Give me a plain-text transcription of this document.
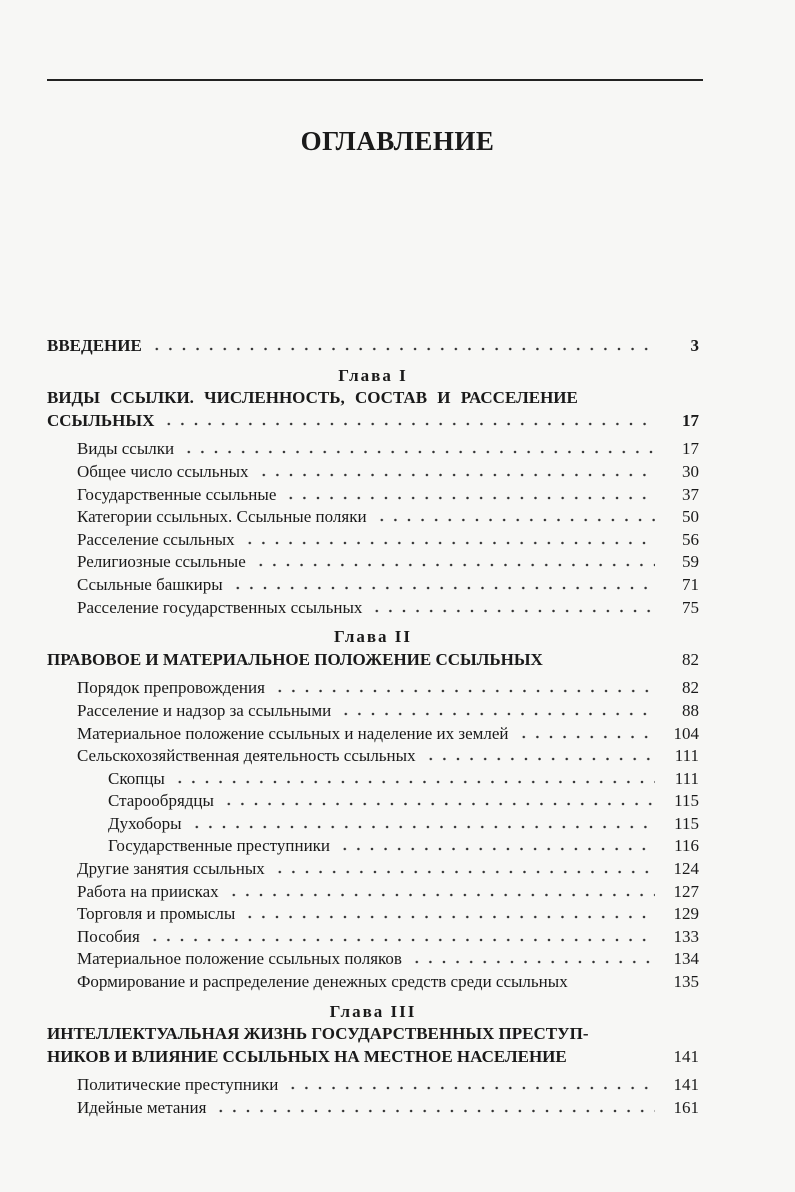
ОГЛАВЛЕНИЕ
ВВЕДЕНИЕ	3
Глава I
ВИДЫ ССЫЛКИ. ЧИСЛЕННОСТЬ, СОСТАВ И РАССЕЛЕНИЕ
ССЫЛЬНЫХ	17
Виды ссылки	17
Общее число ссыльных	30
Государственные ссыльные	37
Категории ссыльных. Ссыльные поляки	50
Расселение ссыльных	56
Религиозные ссыльные	59
Ссыльные башкиры	71
Расселение государственных ссыльных	75
Глава II
ПРАВОВОЕ И МАТЕРИАЛЬНОЕ ПОЛОЖЕНИЕ ССЫЛЬНЫХ	82
Порядок препровождения	82
Расселение и надзор за ссыльными	88
Материальное положение ссыльных и наделение их землей	104
Сельскохозяйственная деятельность ссыльных	111
Скопцы	111
Старообрядцы	115
Духоборы	115
Государственные преступники	116
Другие занятия ссыльных	124
Работа на приисках	127
Торговля и промыслы	129
Пособия	133
Материальное положение ссыльных поляков	134
Формирование и распределение денежных средств среди ссыльных	135
Глава III
ИНТЕЛЛЕКТУАЛЬНАЯ ЖИЗНЬ ГОСУДАРСТВЕННЫХ ПРЕСТУП-
НИКОВ И ВЛИЯНИЕ ССЫЛЬНЫХ НА МЕСТНОЕ НАСЕЛЕНИЕ	141
Политические преступники	141
Идейные метания	161
